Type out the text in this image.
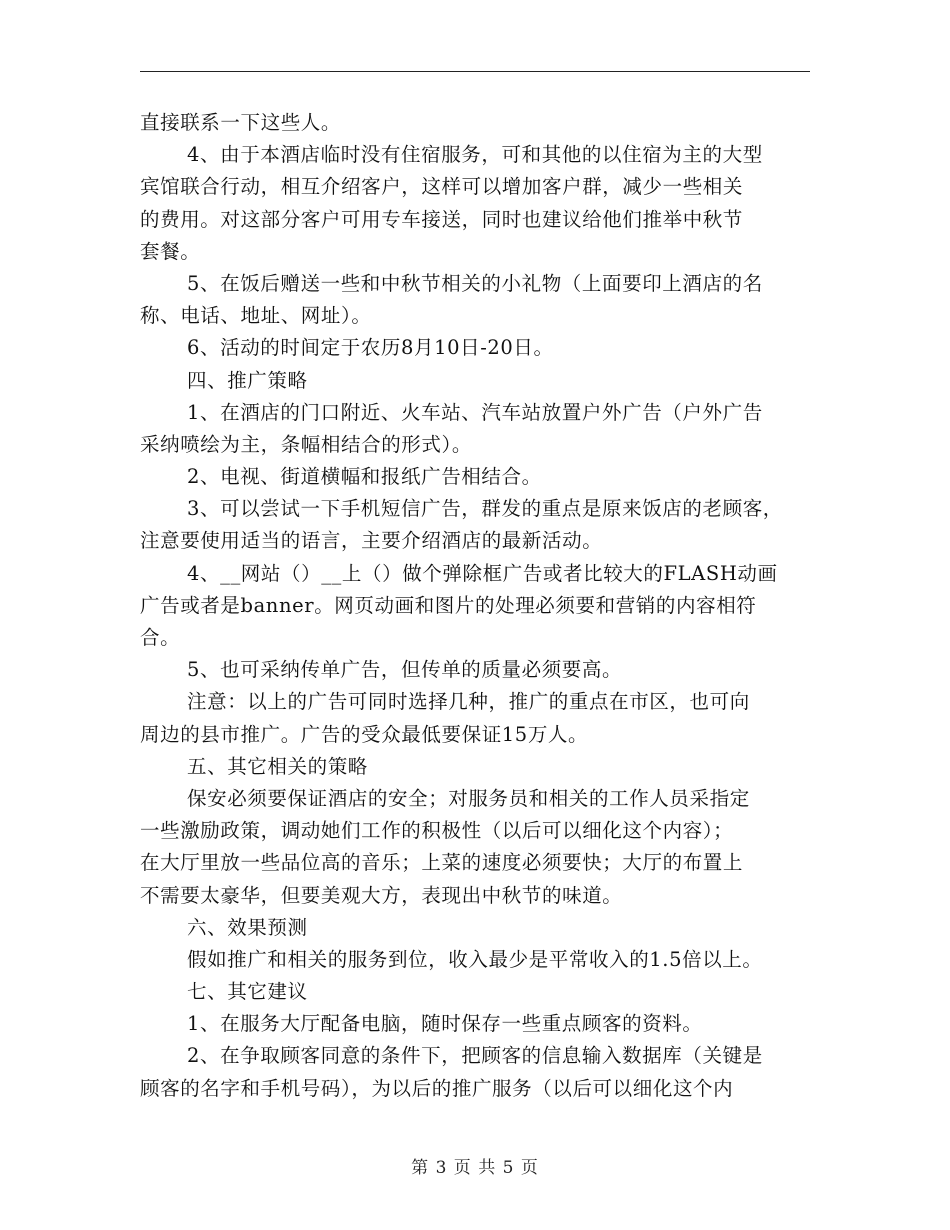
直接联系一下这些人。
4、由于本酒店临时没有住宿服务，可和其他的以住宿为主的大型
宾馆联合行动，相互介绍客户，这样可以增加客户群，减少一些相关
的费用。对这部分客户可用专车接送，同时也建议给他们推举中秋节
套餐。
5、在饭后赠送一些和中秋节相关的小礼物（上面要印上酒店的名
称、电话、地址、网址）。
6、活动的时间定于农历8月10日-20日。
四、推广策略
1、在酒店的门口附近、火车站、汽车站放置户外广告（户外广告
采纳喷绘为主，条幅相结合的形式）。
2、电视、街道横幅和报纸广告相结合。
3、可以尝试一下手机短信广告，群发的重点是原来饭店的老顾客，
注意要使用适当的语言，主要介绍酒店的最新活动。
4、__网站（）__上（）做个弹除框广告或者比较大的FLASH动画
广告或者是banner。网页动画和图片的处理必须要和营销的内容相符
合。
5、也可采纳传单广告，但传单的质量必须要高。
注意：以上的广告可同时选择几种，推广的重点在市区，也可向
周边的县市推广。广告的受众最低要保证15万人。
五、其它相关的策略
保安必须要保证酒店的安全；对服务员和相关的工作人员采指定
一些激励政策，调动她们工作的积极性（以后可以细化这个内容）；
在大厅里放一些品位高的音乐；上菜的速度必须要快；大厅的布置上
不需要太豪华，但要美观大方，表现出中秋节的味道。
六、效果预测
假如推广和相关的服务到位，收入最少是平常收入的1.5倍以上。
七、其它建议
1、在服务大厅配备电脑，随时保存一些重点顾客的资料。
2、在争取顾客同意的条件下，把顾客的信息输入数据库（关键是
顾客的名字和手机号码），为以后的推广服务（以后可以细化这个内
第 3 页 共 5 页
